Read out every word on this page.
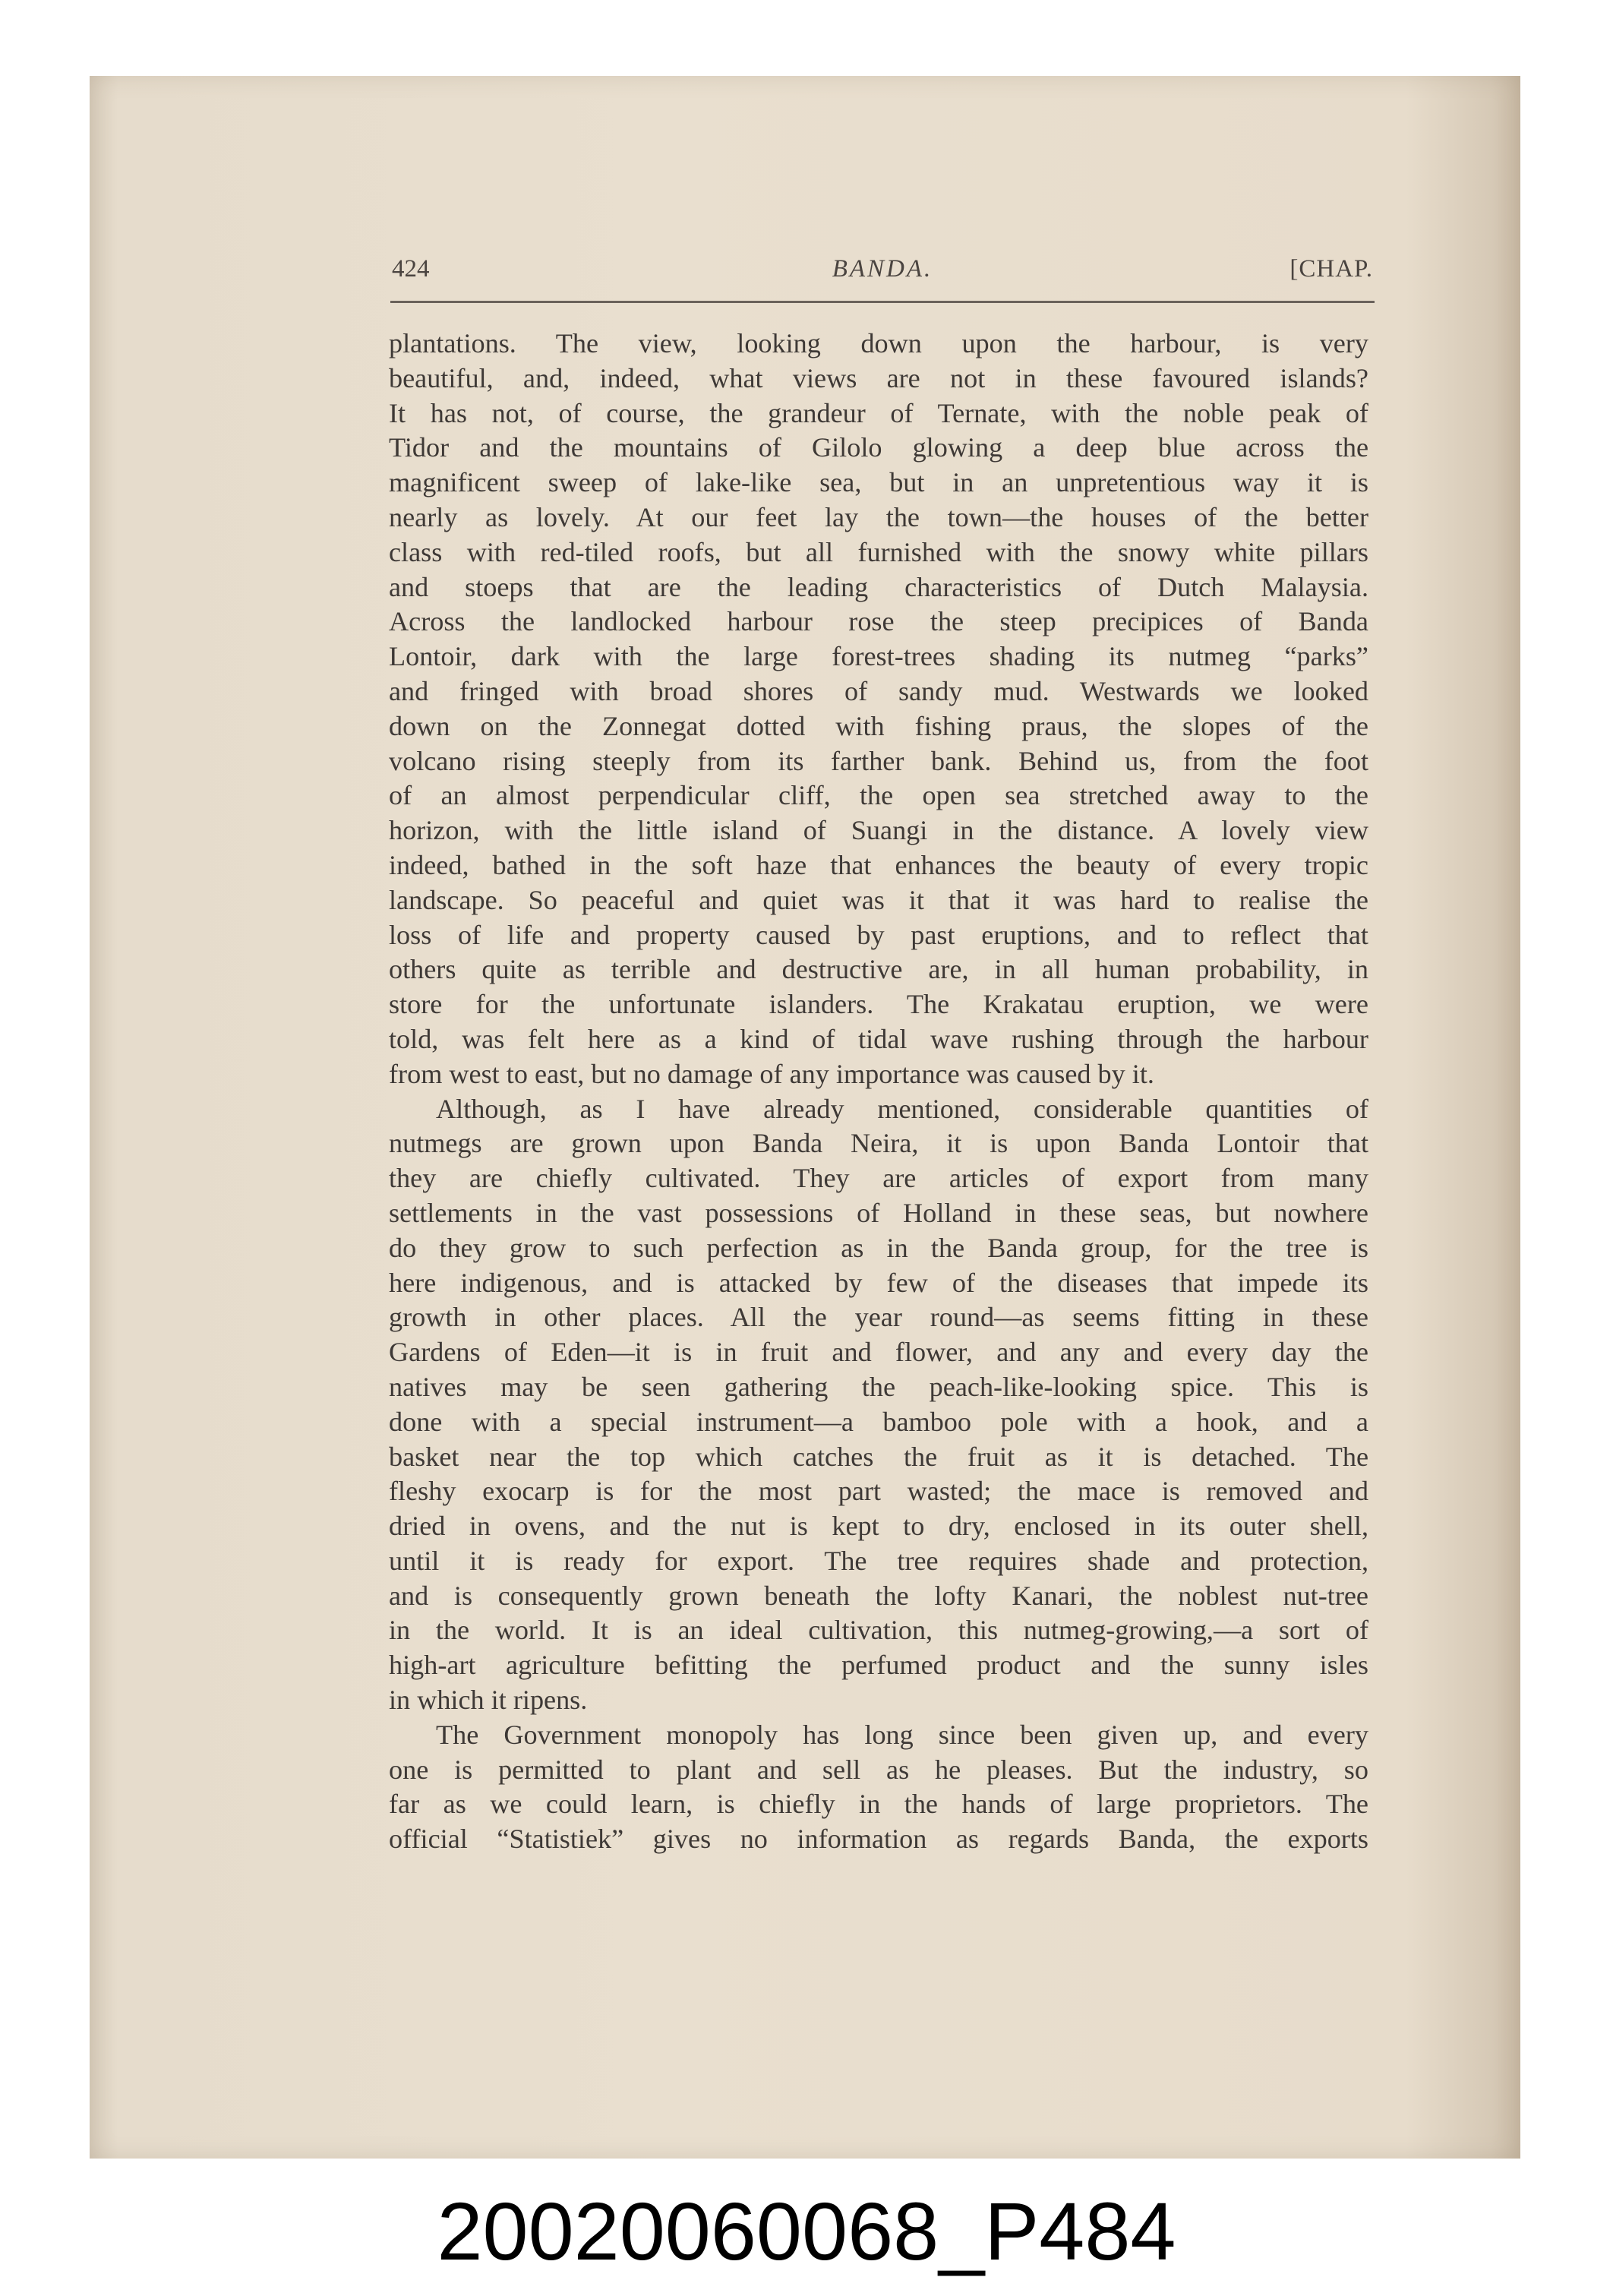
424	BANDA.	[CHAP.
plantations. The view, looking down upon the harbour, is very
beautiful, and, indeed, what views are not in these favoured islands?
It has not, of course, the grandeur of Ternate, with the noble peak of
Tidor and the mountains of Gilolo glowing a deep blue across the
magnificent sweep of lake-like sea, but in an unpretentious way it is
nearly as lovely. At our feet lay the town—the houses of the better
class with red-tiled roofs, but all furnished with the snowy white pillars
and stoeps that are the leading characteristics of Dutch Malaysia.
Across the landlocked harbour rose the steep precipices of Banda
Lontoir, dark with the large forest-trees shading its nutmeg “parks”
and fringed with broad shores of sandy mud. Westwards we looked
down on the Zonnegat dotted with fishing praus, the slopes of the
volcano rising steeply from its farther bank. Behind us, from the foot
of an almost perpendicular cliff, the open sea stretched away to the
horizon, with the little island of Suangi in the distance. A lovely view
indeed, bathed in the soft haze that enhances the beauty of every tropic
landscape. So peaceful and quiet was it that it was hard to realise the
loss of life and property caused by past eruptions, and to reflect that
others quite as terrible and destructive are, in all human probability, in
store for the unfortunate islanders. The Krakatau eruption, we were
told, was felt here as a kind of tidal wave rushing through the harbour
from west to east, but no damage of any importance was caused by it.
Although, as I have already mentioned, considerable quantities of
nutmegs are grown upon Banda Neira, it is upon Banda Lontoir that
they are chiefly cultivated. They are articles of export from many
settlements in the vast possessions of Holland in these seas, but nowhere
do they grow to such perfection as in the Banda group, for the tree is
here indigenous, and is attacked by few of the diseases that impede its
growth in other places. All the year round—as seems fitting in these
Gardens of Eden—it is in fruit and flower, and any and every day the
natives may be seen gathering the peach-like-looking spice. This is
done with a special instrument—a bamboo pole with a hook, and a
basket near the top which catches the fruit as it is detached. The
fleshy exocarp is for the most part wasted; the mace is removed and
dried in ovens, and the nut is kept to dry, enclosed in its outer shell,
until it is ready for export. The tree requires shade and protection,
and is consequently grown beneath the lofty Kanari, the noblest nut-tree
in the world. It is an ideal cultivation, this nutmeg-growing,—a sort of
high-art agriculture befitting the perfumed product and the sunny isles
in which it ripens.
The Government monopoly has long since been given up, and every
one is permitted to plant and sell as he pleases. But the industry, so
far as we could learn, is chiefly in the hands of large proprietors. The
official “Statistiek” gives no information as regards Banda, the exports
20020060068_P484
